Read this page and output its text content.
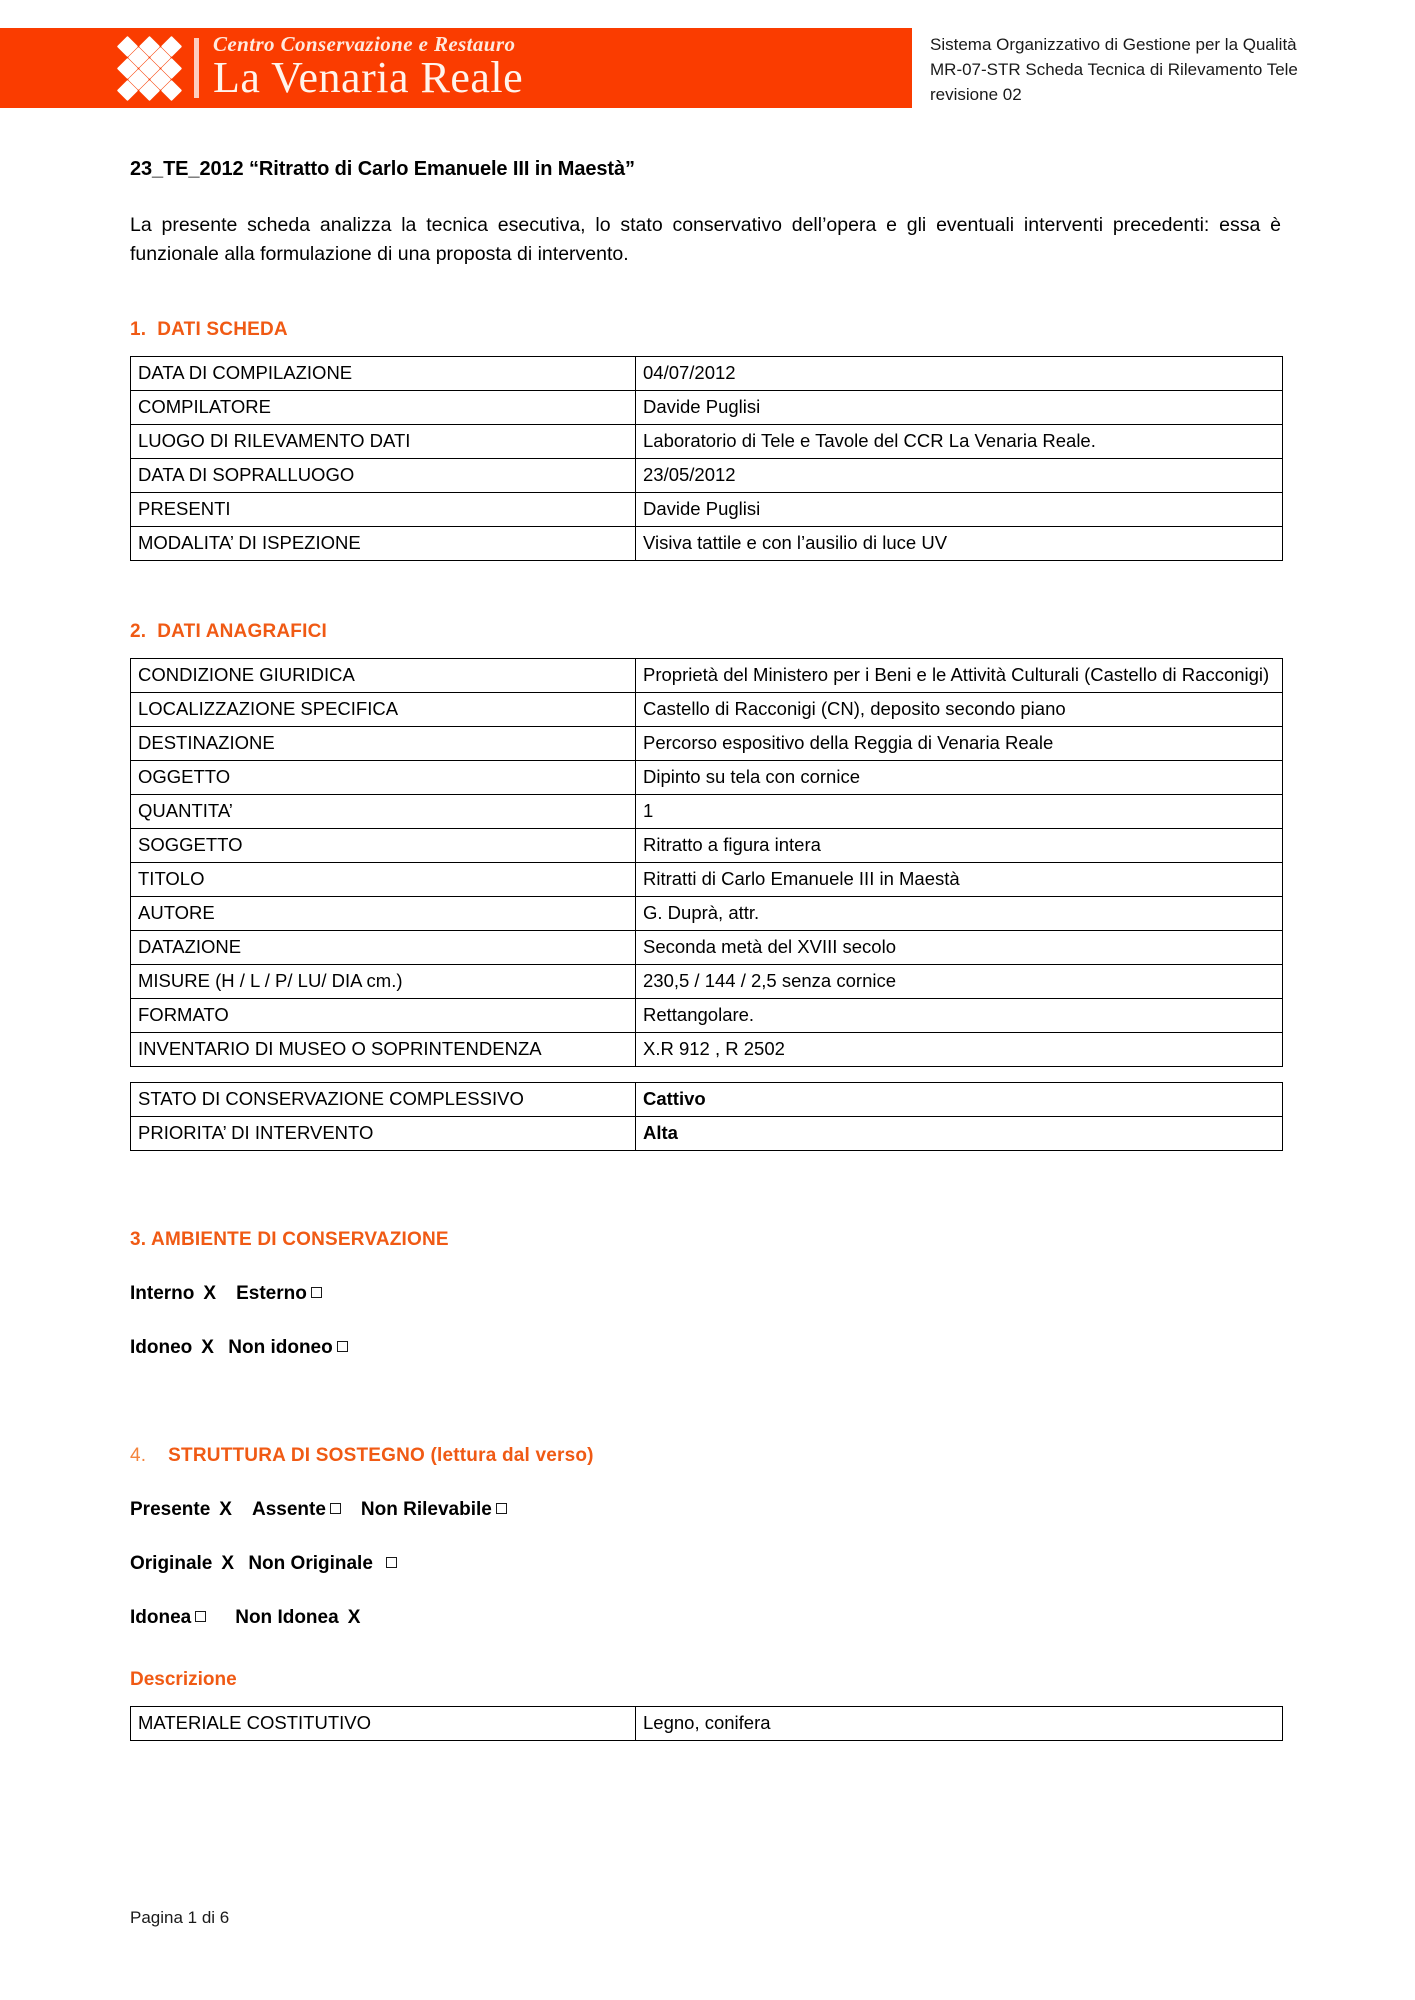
Centro Conservazione e Restauro
La Venaria Reale
Sistema Organizzativo di Gestione per la Qualità
MR-07-STR Scheda Tecnica di Rilevamento Tele
revisione 02
23_TE_2012 “Ritratto di Carlo Emanuele III in Maestà”
La presente scheda analizza la tecnica esecutiva, lo stato conservativo dell’opera e gli eventuali interventi precedenti: essa è funzionale alla formulazione di una proposta di intervento.
1. DATI SCHEDA
DATA DI COMPILAZIONE	04/07/2012
COMPILATORE	Davide Puglisi
LUOGO DI RILEVAMENTO DATI	Laboratorio di Tele e Tavole del CCR La Venaria Reale.
DATA DI SOPRALLUOGO	23/05/2012
PRESENTI	Davide Puglisi
MODALITA’ DI ISPEZIONE	Visiva tattile e con l’ausilio di luce UV
2. DATI ANAGRAFICI
CONDIZIONE GIURIDICA	Proprietà del Ministero per i Beni e le Attività Culturali (Castello di Racconigi)
LOCALIZZAZIONE SPECIFICA	Castello di Racconigi (CN), deposito secondo piano
DESTINAZIONE	Percorso espositivo della Reggia di Venaria Reale
OGGETTO	Dipinto su tela con cornice
QUANTITA’	1
SOGGETTO	Ritratto a figura intera
TITOLO	Ritratti di Carlo Emanuele III in Maestà
AUTORE	G. Duprà, attr.
DATAZIONE	Seconda metà del XVIII secolo
MISURE (H / L / P/ LU/ DIA cm.)	230,5 / 144 / 2,5 senza cornice
FORMATO	Rettangolare.
INVENTARIO DI MUSEO O SOPRINTENDENZA	X.R 912 , R 2502
STATO DI CONSERVAZIONE COMPLESSIVO	Cattivo
PRIORITA’ DI INTERVENTO	Alta
3. AMBIENTE DI CONSERVAZIONE
Interno X Esterno
Idoneo X Non idoneo
4. STRUTTURA DI SOSTEGNO (lettura dal verso)
Presente X Assente Non Rilevabile
Originale X Non Originale
Idonea Non Idonea X
Descrizione
MATERIALE COSTITUTIVO	Legno, conifera
Pagina 1 di 6
